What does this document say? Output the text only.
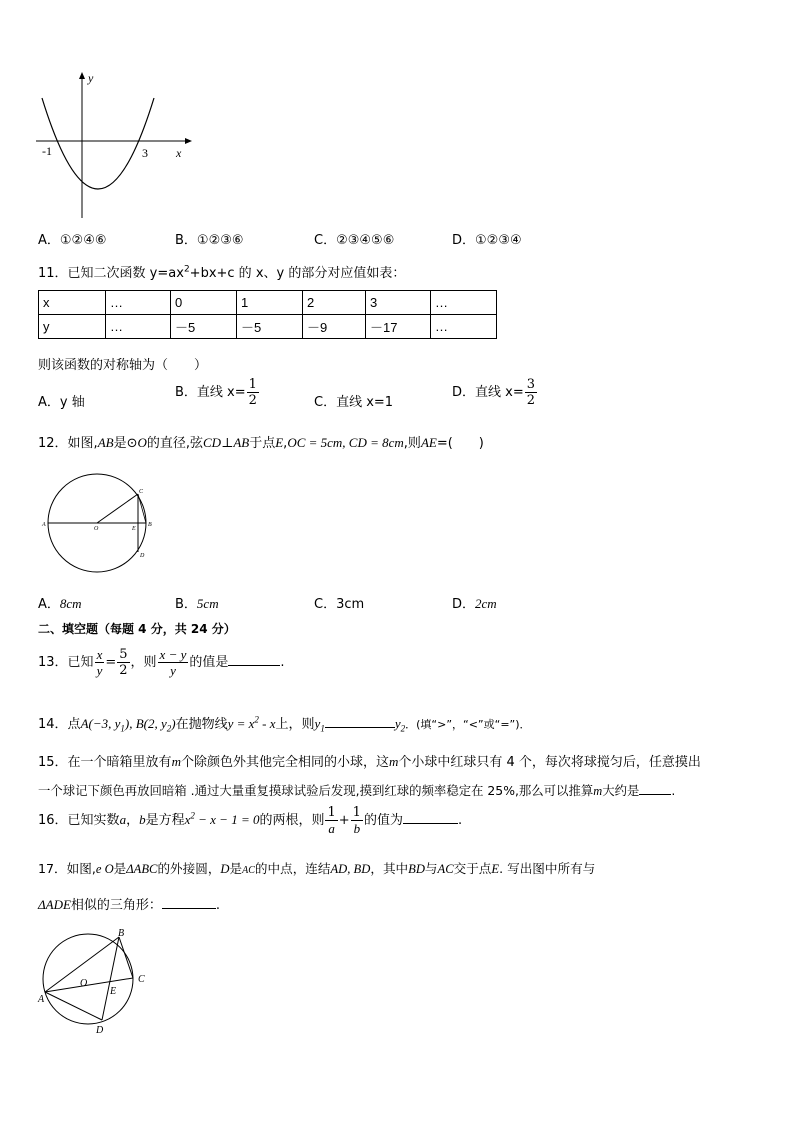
y
x
-1	3
A．①②④⑥	B．①②③⑥	C．②③④⑤⑥	D．①②③④
11．已知二次函数 $y=ax^2+bx+c$ 的 x、y 的部分对应值如表：
x	…	0	1	2	3	…
y	…	－5	－5	－9	－17	…
则该函数的对称轴为（　　）
A．y 轴
B．直线 $x= \frac{1}{2}$	C．直线 x=1
D．直线 $x= \frac{3}{2}$
12．如图,AB是⊙O的直径,弦CD⊥AB于点E,OC = 5cm, CD = 8cm,则AE=(　　)
A	B
C
D
E
O
A．8cm	B．5cm	C．3cm	D．2cm
二、填空题（每题 4 分，共 24 分）
13．已知 $\frac{x}{y} = \frac{5}{2}$ ，则 $\frac{x - y}{y}$ 的值是	.
14．点A(−3, $y_1$), B(2, $y_2$)在抛物线$y = x^2 - x$上，则$y_1$	$y_2$．(填“>”，“<”或“=”)．
15．在一个暗箱里放有m个除颜色外其他完全相同的小球，这m个小球中红球只有 4 个，每次将球搅匀后，任意摸出
一个球记下颜色再放回暗箱 .通过大量重复摸球试验后发现,摸到红球的频率稳定在 25%,那么可以推算m大约是	.
16．已知实数a，b是方程$x^2 - x - 1 = 0$的两根，则 $\frac{1}{a} + \frac{1}{b}$ 的值为	.
17．如图,e O是ΔABC的外接圆，D是AC的中点，连结AD, BD，其中BD与AC交于点E. 写出图中所有与
ΔADE相似的三角形：	.
A
B
C
D
E
O
